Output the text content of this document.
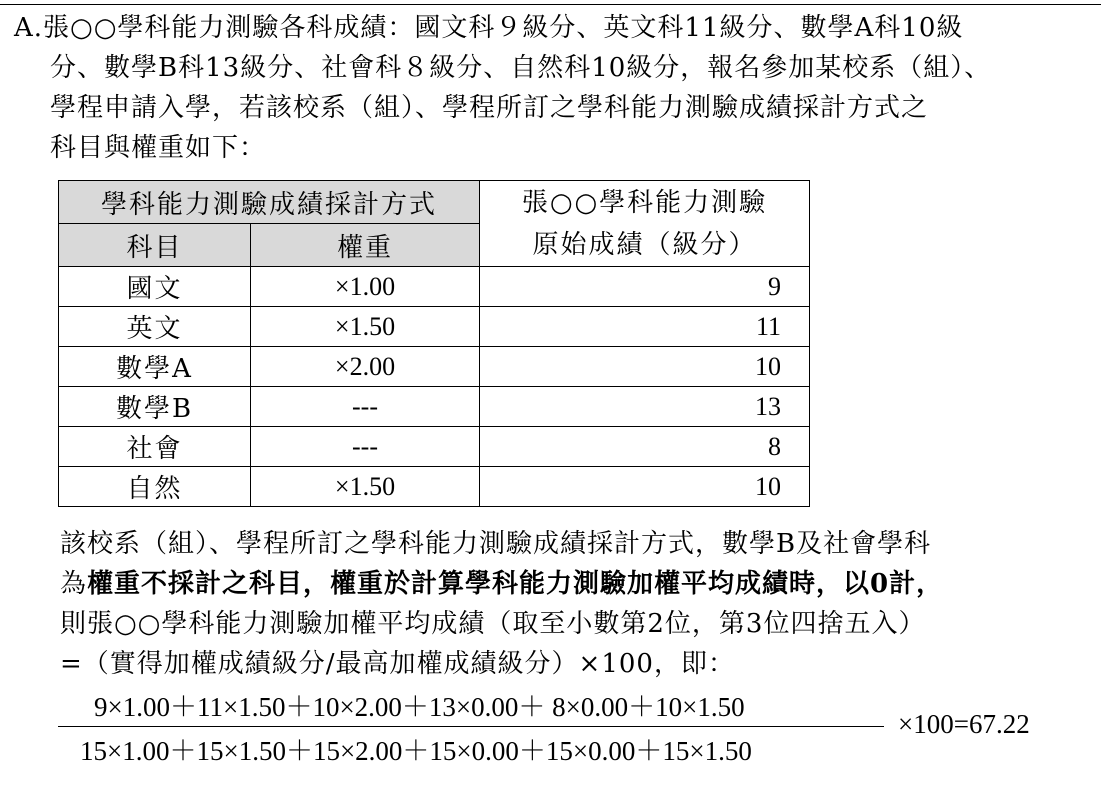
A.張○○學科能力測驗各科成績：國文科９級分、英文科11級分、數學A科10級
分、數學B科13級分、社會科８級分、自然科10級分，報名參加某校系（組）、
學程申請入學，若該校系（組）、學程所訂之學科能力測驗成績採計方式之
科目與權重如下：
學科能力測驗成績採計方式		張○○學科能力測驗
原始成績（級分）

科目	權重	
國文	×1.00	9
英文	×1.50	11
數學A	×2.00	10
數學B	---	13
社會	---	8
自然	×1.50	10
該校系（組）、學程所訂之學科能力測驗成績採計方式，數學B及社會學科
為權重不採計之科目，權重於計算學科能力測驗加權平均成績時，以0計，
則張○○學科能力測驗加權平均成績（取至小數第2位，第3位四捨五入）
=（實得加權成績級分/最高加權成績級分）×100，即：
9×1.00＋11×1.50＋10×2.00＋13×0.00＋ 8×0.00＋10×1.50
15×1.00＋15×1.50＋15×2.00＋15×0.00＋15×0.00＋15×1.50
×100=67.22
